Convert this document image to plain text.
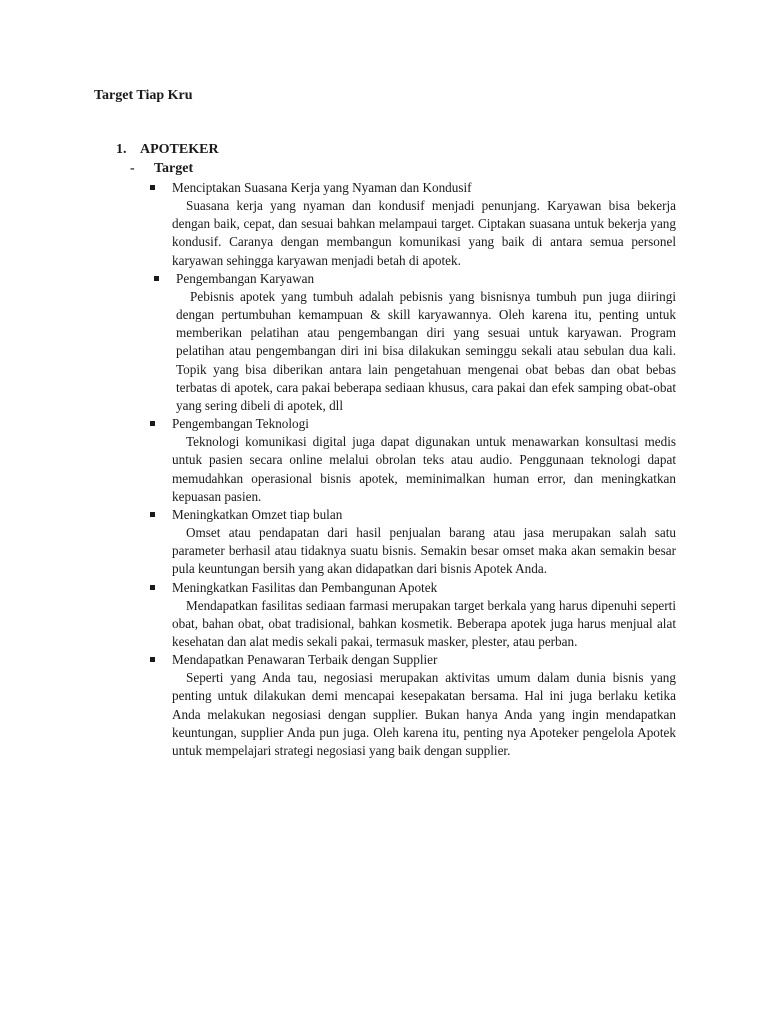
Target Tiap Kru
1. APOTEKER
- Target
Menciptakan Suasana Kerja yang Nyaman dan Kondusif
Suasana kerja yang nyaman dan kondusif menjadi penunjang. Karyawan bisa bekerja dengan baik, cepat, dan sesuai bahkan melampaui target. Ciptakan suasana untuk bekerja yang kondusif. Caranya dengan membangun komunikasi yang baik di antara semua personel karyawan sehingga karyawan menjadi betah di apotek.
Pengembangan Karyawan
Pebisnis apotek yang tumbuh adalah pebisnis yang bisnisnya tumbuh pun juga diiringi dengan pertumbuhan kemampuan & skill karyawannya. Oleh karena itu, penting untuk memberikan pelatihan atau pengembangan diri yang sesuai untuk karyawan. Program pelatihan atau pengembangan diri ini bisa dilakukan seminggu sekali atau sebulan dua kali. Topik yang bisa diberikan antara lain pengetahuan mengenai obat bebas dan obat bebas terbatas di apotek, cara pakai beberapa sediaan khusus, cara pakai dan efek samping obat-obat yang sering dibeli di apotek, dll
Pengembangan Teknologi
Teknologi komunikasi digital juga dapat digunakan untuk menawarkan konsultasi medis untuk pasien secara online melalui obrolan teks atau audio. Penggunaan teknologi dapat memudahkan operasional bisnis apotek, meminimalkan human error, dan meningkatkan kepuasan pasien.
Meningkatkan Omzet tiap bulan
Omset atau pendapatan dari hasil penjualan barang atau jasa merupakan salah satu parameter berhasil atau tidaknya suatu bisnis. Semakin besar omset maka akan semakin besar pula keuntungan bersih yang akan didapatkan dari bisnis Apotek Anda.
Meningkatkan Fasilitas dan Pembangunan Apotek
Mendapatkan fasilitas sediaan farmasi merupakan target berkala yang harus dipenuhi seperti obat, bahan obat, obat tradisional, bahkan kosmetik. Beberapa apotek juga harus menjual alat kesehatan dan alat medis sekali pakai, termasuk masker, plester, atau perban.
Mendapatkan Penawaran Terbaik dengan Supplier
Seperti yang Anda tau, negosiasi merupakan aktivitas umum dalam dunia bisnis yang penting untuk dilakukan demi mencapai kesepakatan bersama. Hal ini juga berlaku ketika Anda melakukan negosiasi dengan supplier. Bukan hanya Anda yang ingin mendapatkan keuntungan, supplier Anda pun juga. Oleh karena itu, penting nya Apoteker pengelola Apotek untuk mempelajari strategi negosiasi yang baik dengan supplier.
